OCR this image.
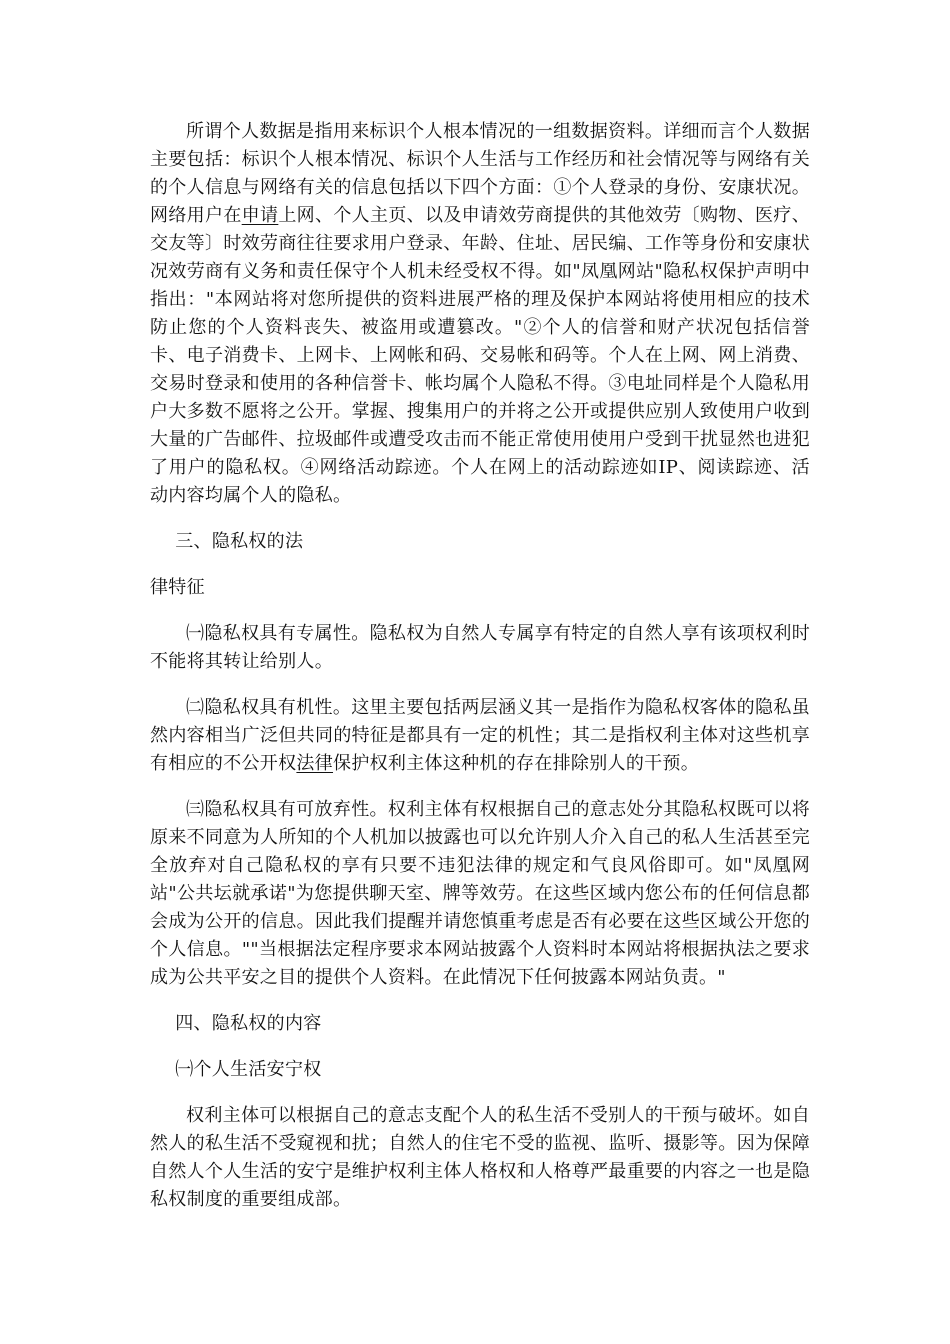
所谓个人数据是指用来标识个人根本情况的一组数据资料。详细而言个人数据主要包括：标识个人根本情况、标识个人生活与工作经历和社会情况等与网络有关的个人信息与网络有关的信息包括以下四个方面：①个人登录的身份、安康状况。网络用户在申请上网、个人主页、以及申请效劳商提供的其他效劳〔购物、医疗、交友等〕时效劳商往往要求用户登录、年龄、住址、居民编、工作等身份和安康状况效劳商有义务和责任保守个人机未经受权不得。如"凤凰网站"隐私权保护声明中指出："本网站将对您所提供的资料进展严格的理及保护本网站将使用相应的技术防止您的个人资料丧失、被盗用或遭篡改。"②个人的信誉和财产状况包括信誉卡、电子消费卡、上网卡、上网帐和码、交易帐和码等。个人在上网、网上消费、交易时登录和使用的各种信誉卡、帐均属个人隐私不得。③电址同样是个人隐私用户大多数不愿将之公开。掌握、搜集用户的并将之公开或提供应别人致使用户收到大量的广告邮件、拉圾邮件或遭受攻击而不能正常使用使用户受到干扰显然也进犯了用户的隐私权。④网络活动踪迹。个人在网上的活动踪迹如IP、阅读踪迹、活动内容均属个人的隐私。

三、隐私权的法

律特征

㈠隐私权具有专属性。隐私权为自然人专属享有特定的自然人享有该项权利时不能将其转让给别人。

㈡隐私权具有机性。这里主要包括两层涵义其一是指作为隐私权客体的隐私虽然内容相当广泛但共同的特征是都具有一定的机性；其二是指权利主体对这些机享有相应的不公开权法律保护权利主体这种机的存在排除别人的干预。

㈢隐私权具有可放弃性。权利主体有权根据自己的意志处分其隐私权既可以将原来不同意为人所知的个人机加以披露也可以允许别人介入自己的私人生活甚至完全放弃对自己隐私权的享有只要不违犯法律的规定和气良风俗即可。如"凤凰网站"公共坛就承诺"为您提供聊天室、牌等效劳。在这些区域内您公布的任何信息都会成为公开的信息。因此我们提醒并请您慎重考虑是否有必要在这些区域公开您的个人信息。""当根据法定程序要求本网站披露个人资料时本网站将根据执法之要求成为公共平安之目的提供个人资料。在此情况下任何披露本网站负责。"

四、隐私权的内容

㈠个人生活安宁权

权利主体可以根据自己的意志支配个人的私生活不受别人的干预与破坏。如自然人的私生活不受窥视和扰；自然人的住宅不受的监视、监听、摄影等。因为保障自然人个人生活的安宁是维护权利主体人格权和人格尊严最重要的内容之一也是隐私权制度的重要组成部。
